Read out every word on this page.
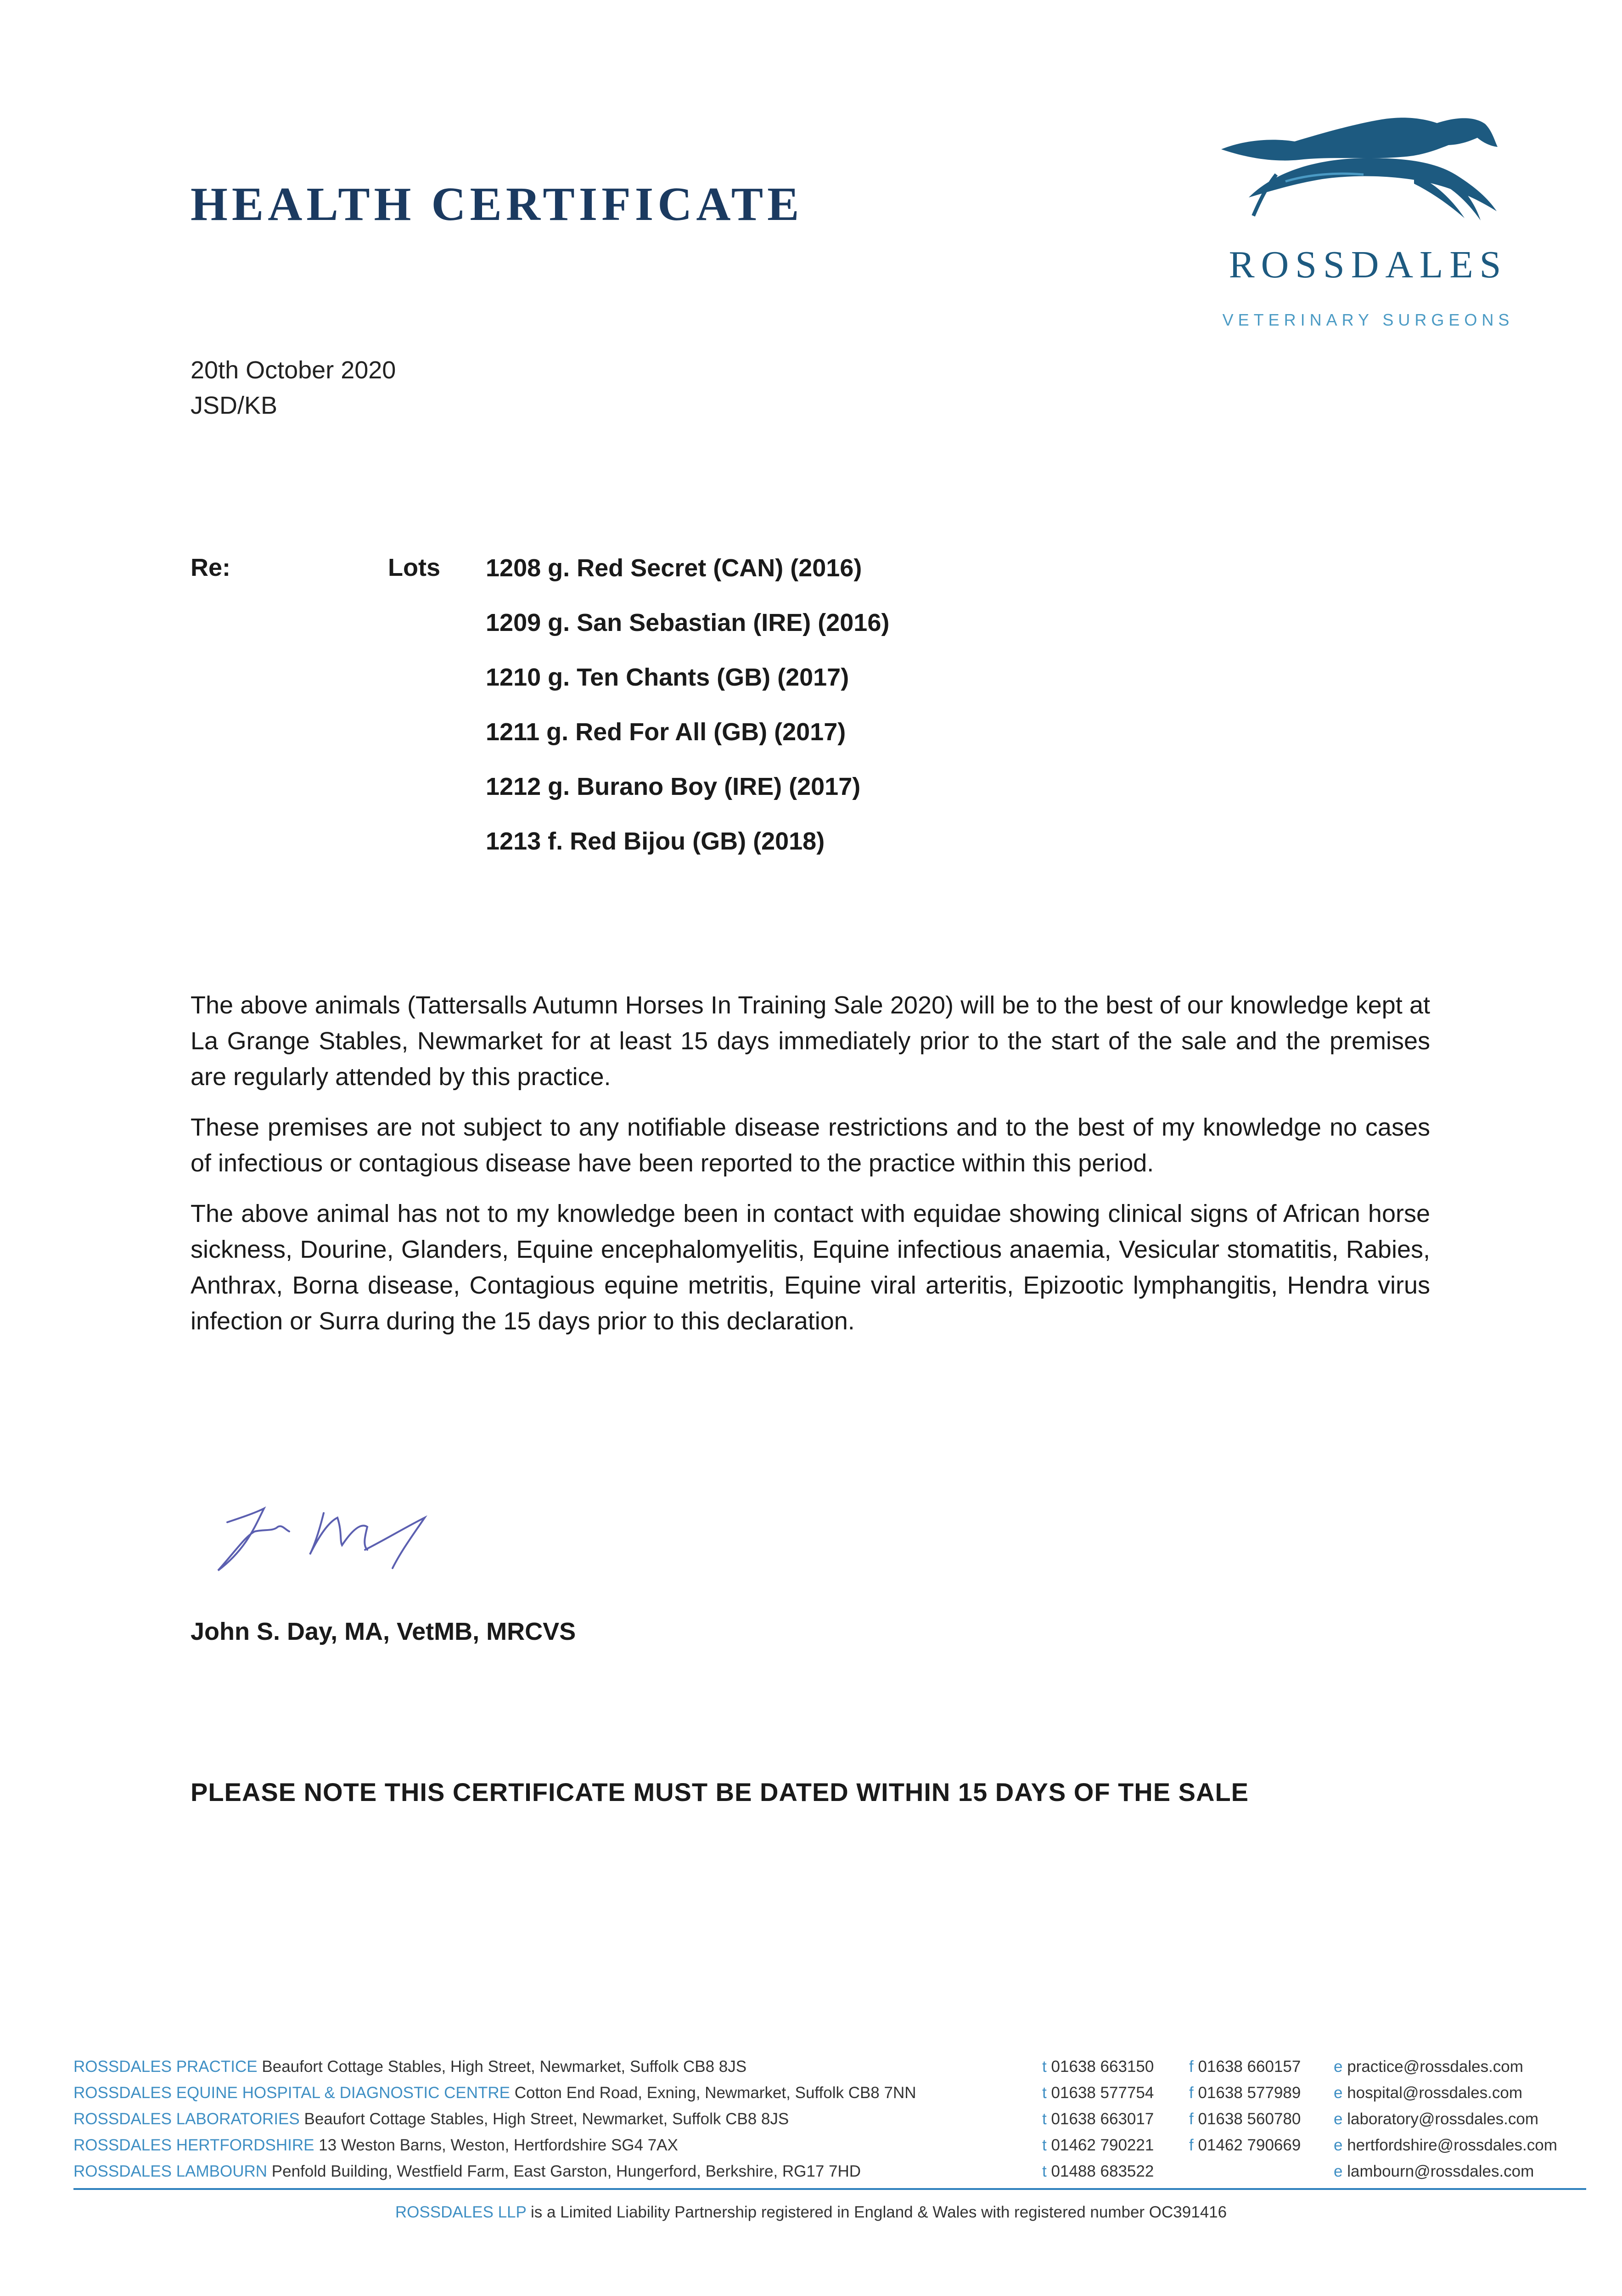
HEALTH CERTIFICATE
ROSSDALES
VETERINARY SURGEONS
20th October 2020
JSD/KB
Re:	Lots 1208 g. Red Secret (CAN) (2016)
1209 g. San Sebastian (IRE) (2016)
1210 g. Ten Chants (GB) (2017)
1211 g. Red For All (GB) (2017)
1212 g. Burano Boy (IRE) (2017)
1213 f. Red Bijou (GB) (2018)

The above animals (Tattersalls Autumn Horses In Training Sale 2020) will be to the best of our knowledge kept at La Grange Stables, Newmarket for at least 15 days immediately prior to the start of the sale and the premises are regularly attended by this practice.

These premises are not subject to any notifiable disease restrictions and to the best of my knowledge no cases of infectious or contagious disease have been reported to the practice within this period.

The above animal has not to my knowledge been in contact with equidae showing clinical signs of African horse sickness, Dourine, Glanders, Equine encephalomyelitis, Equine infectious anaemia, Vesicular stomatitis, Rabies, Anthrax, Borna disease, Contagious equine metritis, Equine viral arteritis, Epizootic lymphangitis, Hendra virus infection or Surra during the 15 days prior to this declaration.

John S. Day, MA, VetMB, MRCVS
PLEASE NOTE THIS CERTIFICATE MUST BE DATED WITHIN 15 DAYS OF THE SALE
ROSSDALES PRACTICE Beaufort Cottage Stables, High Street, Newmarket, Suffolk CB8 8JS	t 01638 663150 f 01638 660157 e practice@rossdales.com
ROSSDALES EQUINE HOSPITAL & DIAGNOSTIC CENTRE Cotton End Road, Exning, Newmarket, Suffolk CB8 7NN	t 01638 577754 f 01638 577989 e hospital@rossdales.com
ROSSDALES LABORATORIES Beaufort Cottage Stables, High Street, Newmarket, Suffolk CB8 8JS	t 01638 663017 f 01638 560780 e laboratory@rossdales.com
ROSSDALES HERTFORDSHIRE 13 Weston Barns, Weston, Hertfordshire SG4 7AX	t 01462 790221 f 01462 790669 e hertfordshire@rossdales.com
ROSSDALES LAMBOURN Penfold Building, Westfield Farm, East Garston, Hungerford, Berkshire, RG17 7HD	t 01488 683522	e lambourn@rossdales.com
ROSSDALES LLP is a Limited Liability Partnership registered in England & Wales with registered number OC391416
